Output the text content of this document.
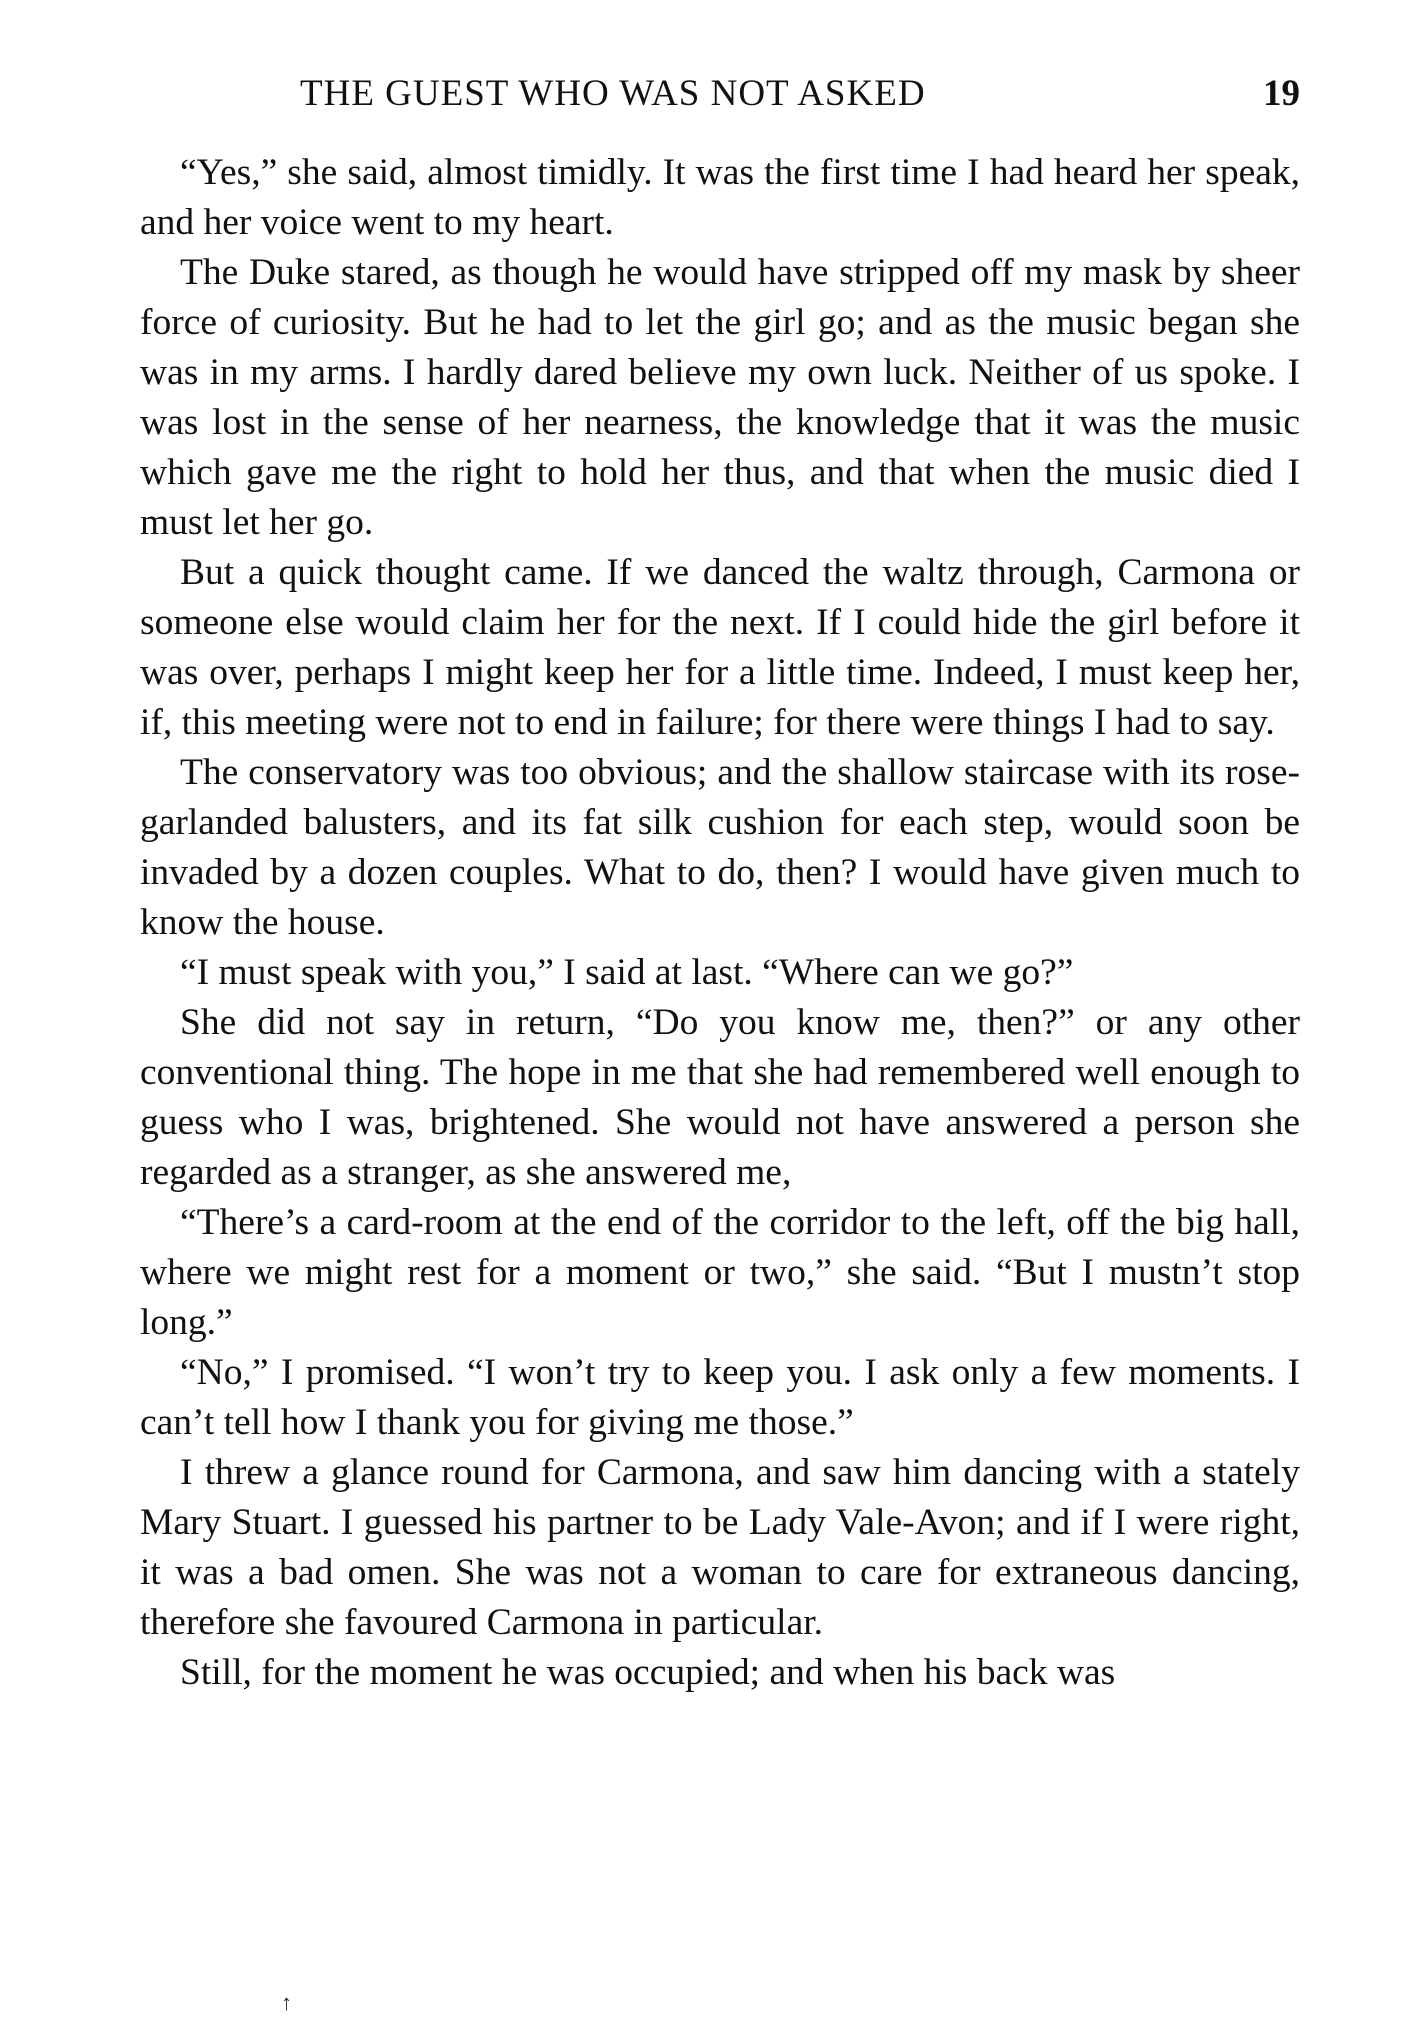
THE GUEST WHO WAS NOT ASKED	19

“Yes,” she said, almost timidly. It was the first time I had heard her speak, and her voice went to my heart.

The Duke stared, as though he would have stripped off my mask by sheer force of curiosity. But he had to let the girl go; and as the music began she was in my arms. I hardly dared believe my own luck. Neither of us spoke. I was lost in the sense of her nearness, the knowledge that it was the music which gave me the right to hold her thus, and that when the music died I must let her go.

But a quick thought came. If we danced the waltz through, Carmona or someone else would claim her for the next. If I could hide the girl before it was over, perhaps I might keep her for a little time. Indeed, I must keep her, if, this meeting were not to end in failure; for there were things I had to say.

The conservatory was too obvious; and the shallow staircase with its rose-garlanded balusters, and its fat silk cushion for each step, would soon be invaded by a dozen couples. What to do, then? I would have given much to know the house.

“I must speak with you,” I said at last. “Where can we go?”

She did not say in return, “Do you know me, then?” or any other conventional thing. The hope in me that she had remembered well enough to guess who I was, brightened. She would not have answered a person she regarded as a stranger, as she answered me,

“There’s a card-room at the end of the corridor to the left, off the big hall, where we might rest for a moment or two,” she said. “But I mustn’t stop long.”

“No,” I promised. “I won’t try to keep you. I ask only a few moments. I can’t tell how I thank you for giving me those.”

I threw a glance round for Carmona, and saw him dancing with a stately Mary Stuart. I guessed his partner to be Lady Vale-Avon; and if I were right, it was a bad omen. She was not a woman to care for extraneous dancing, therefore she favoured Carmona in particular.

Still, for the moment he was occupied; and when his back was

↑
